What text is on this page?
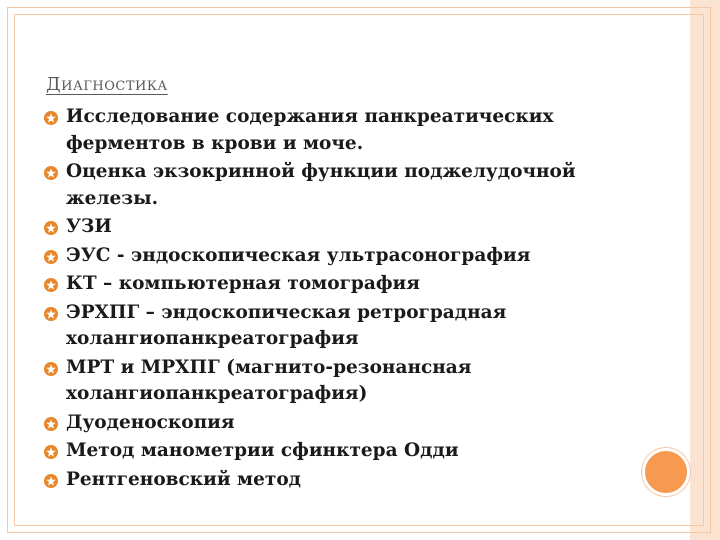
Диагностика
Исследование содержания панкреатических ферментов в крови и моче.
Оценка экзокринной функции поджелудочной железы.
УЗИ
ЭУС - эндоскопическая ультрасонография
КТ – компьютерная томография
ЭРХПГ – эндоскопическая ретроградная холангиопанкреатография
МРТ и МРХПГ (магнито-резонансная холангиопанкреатография)
Дуоденоскопия
Метод манометрии сфинктера Одди
Рентгеновский метод
